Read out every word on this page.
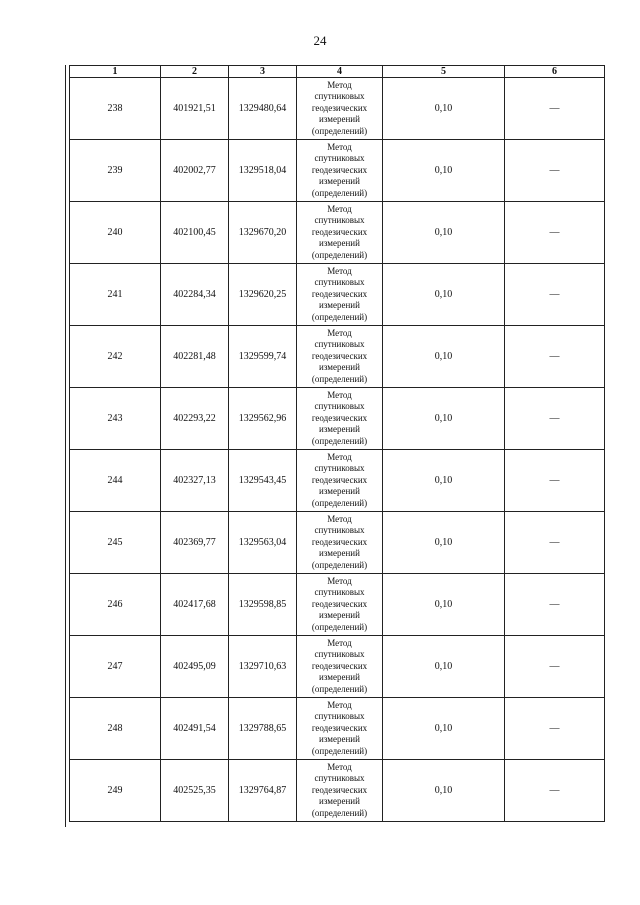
24
1	2	3	4	5	6
238	401921,51	1329480,64	Метод
спутниковых
геодезических
измерений
(определений)	0,10	—
239	402002,77	1329518,04	Метод
спутниковых
геодезических
измерений
(определений)	0,10	—
240	402100,45	1329670,20	Метод
спутниковых
геодезических
измерений
(определений)	0,10	—
241	402284,34	1329620,25	Метод
спутниковых
геодезических
измерений
(определений)	0,10	—
242	402281,48	1329599,74	Метод
спутниковых
геодезических
измерений
(определений)	0,10	—
243	402293,22	1329562,96	Метод
спутниковых
геодезических
измерений
(определений)	0,10	—
244	402327,13	1329543,45	Метод
спутниковых
геодезических
измерений
(определений)	0,10	—
245	402369,77	1329563,04	Метод
спутниковых
геодезических
измерений
(определений)	0,10	—
246	402417,68	1329598,85	Метод
спутниковых
геодезических
измерений
(определений)	0,10	—
247	402495,09	1329710,63	Метод
спутниковых
геодезических
измерений
(определений)	0,10	—
248	402491,54	1329788,65	Метод
спутниковых
геодезических
измерений
(определений)	0,10	—
249	402525,35	1329764,87	Метод
спутниковых
геодезических
измерений
(определений)	0,10	—
